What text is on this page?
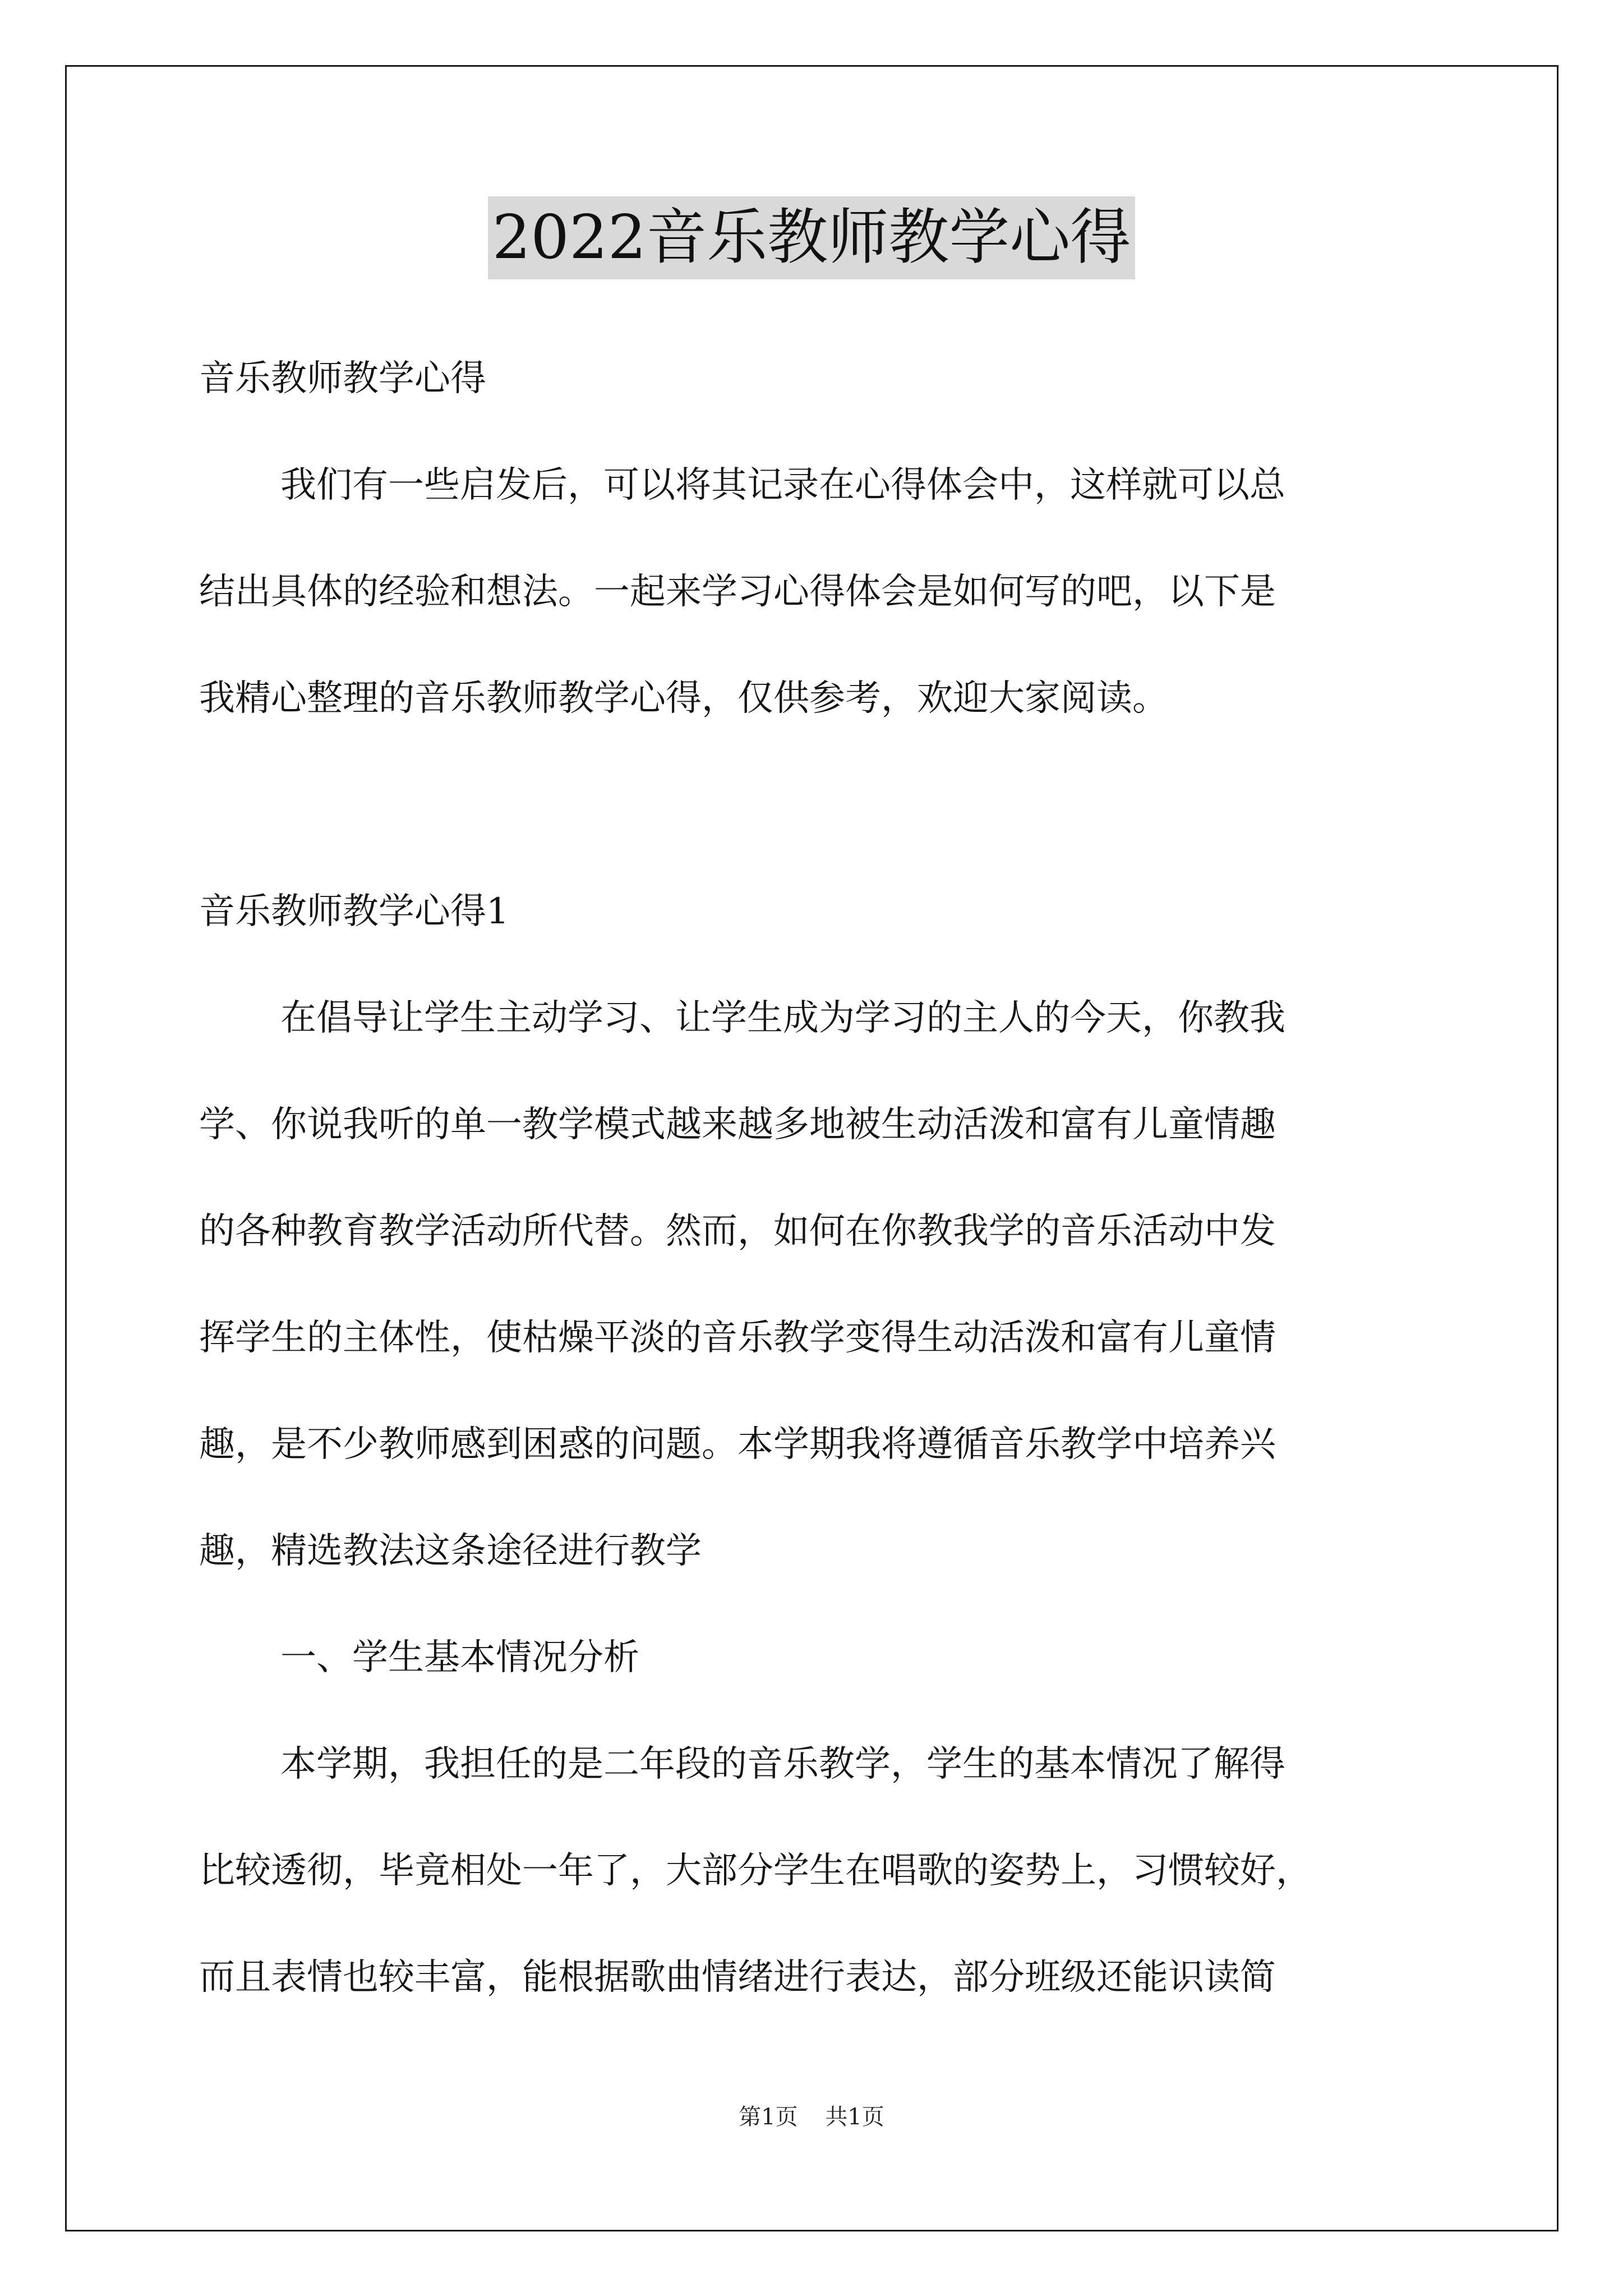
2022音乐教师教学心得
音乐教师教学心得
我们有一些启发后，可以将其记录在心得体会中，这样就可以总
结出具体的经验和想法。一起来学习心得体会是如何写的吧，以下是
我精心整理的音乐教师教学心得，仅供参考，欢迎大家阅读。
音乐教师教学心得1
在倡导让学生主动学习、让学生成为学习的主人的今天，你教我
学、你说我听的单一教学模式越来越多地被生动活泼和富有儿童情趣
的各种教育教学活动所代替。然而，如何在你教我学的音乐活动中发
挥学生的主体性，使枯燥平淡的音乐教学变得生动活泼和富有儿童情
趣，是不少教师感到困惑的问题。本学期我将遵循音乐教学中培养兴
趣，精选教法这条途径进行教学
一、学生基本情况分析
本学期，我担任的是二年段的音乐教学，学生的基本情况了解得
比较透彻，毕竟相处一年了，大部分学生在唱歌的姿势上，习惯较好，
而且表情也较丰富，能根据歌曲情绪进行表达，部分班级还能识读简
第1页 共1页
